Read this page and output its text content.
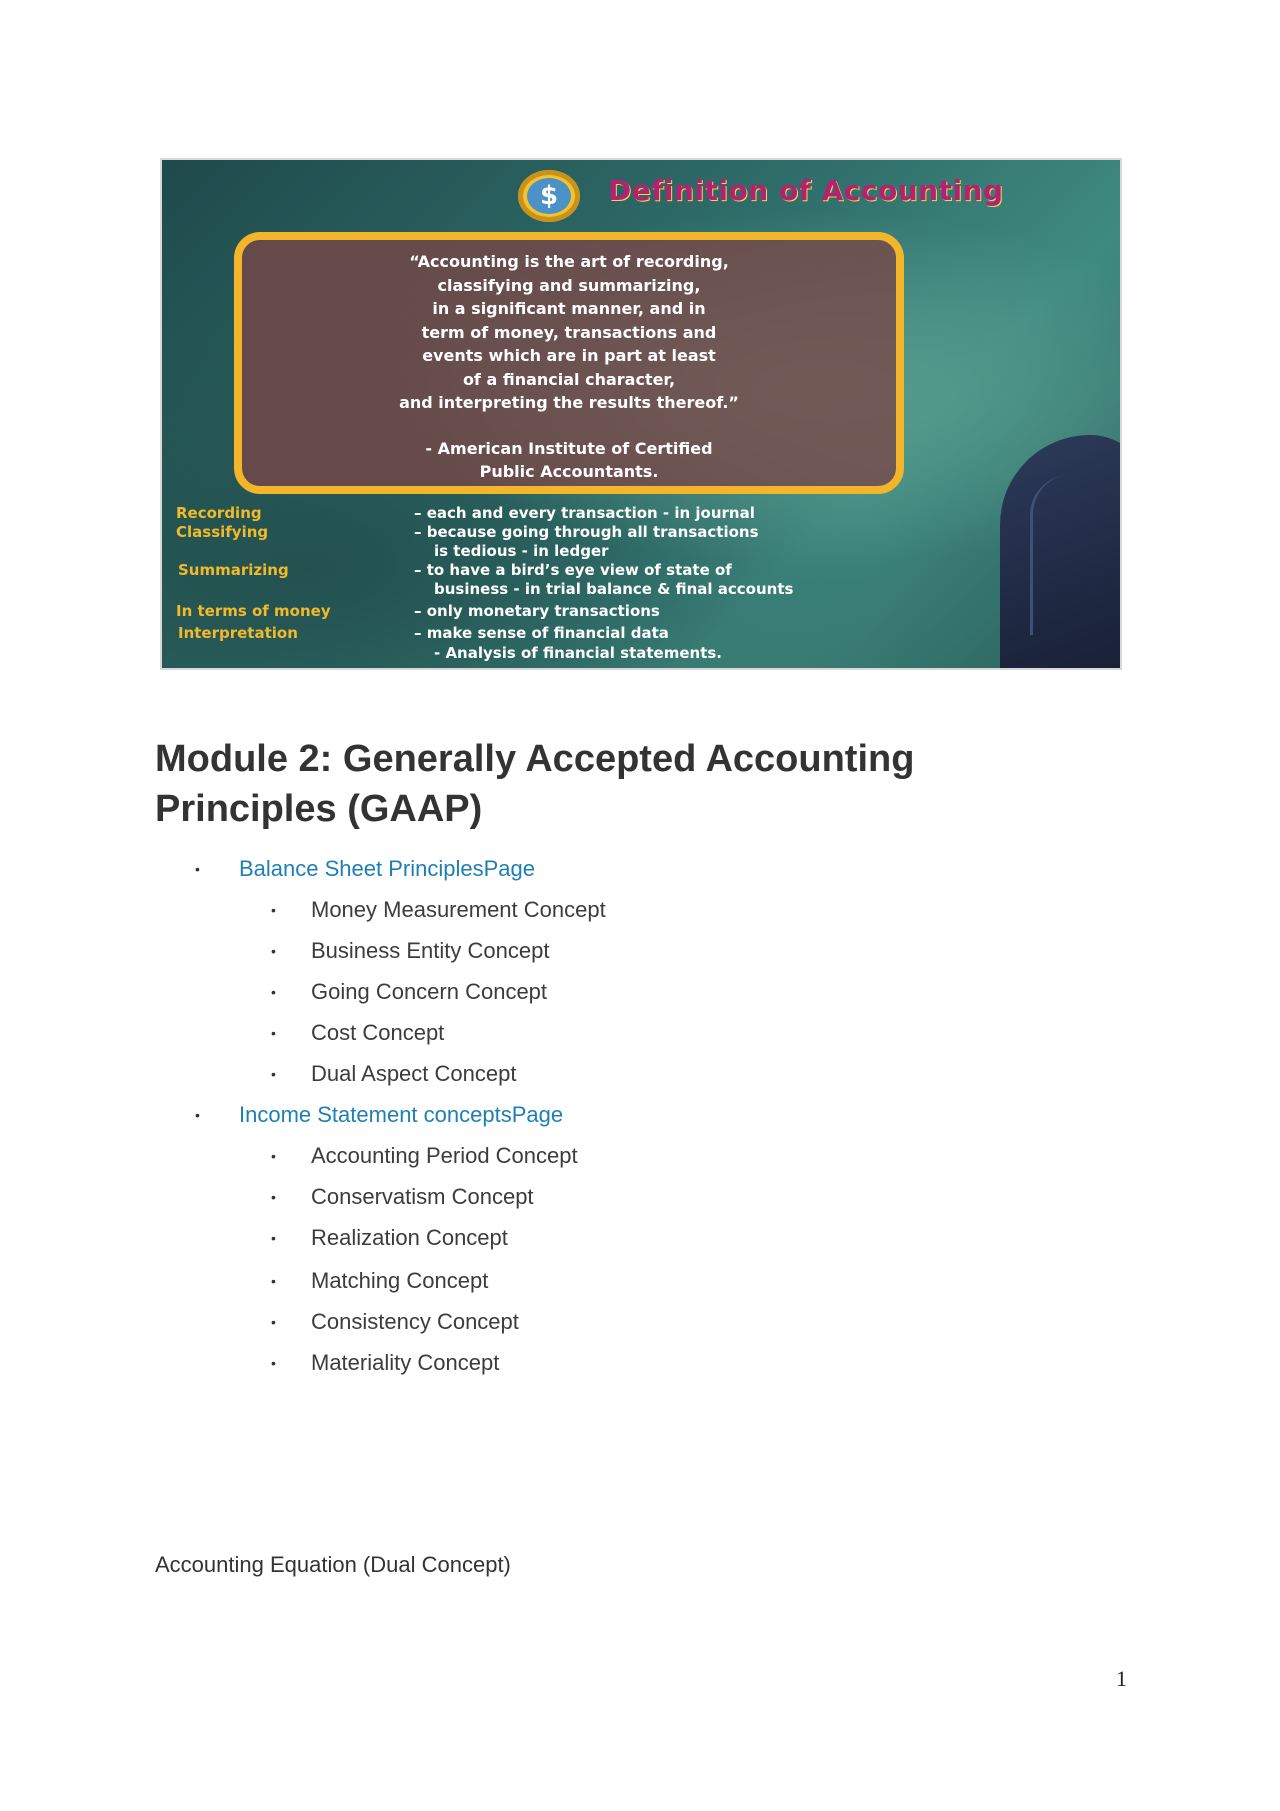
$	Definition of Accounting
“Accounting is the art of recording,
classifying and summarizing,
in a significant manner, and in
term of money, transactions and
events which are in part at least
of a financial character,
and interpreting the results thereof.”
- American Institute of Certified
Public Accountants.
Recording	– each and every transaction - in journal
Classifying	– because going through all transactions
is tedious - in ledger
Summarizing	– to have a bird’s eye view of state of
business - in trial balance & final accounts
In terms of money	– only monetary transactions
Interpretation	– make sense of financial data
- Analysis of financial statements.
Module 2: Generally Accepted Accounting Principles (GAAP)
• Balance Sheet PrinciplesPage
• Money Measurement Concept
• Business Entity Concept
• Going Concern Concept
• Cost Concept
• Dual Aspect Concept
• Income Statement conceptsPage
• Accounting Period Concept
• Conservatism Concept
• Realization Concept
• Matching Concept
• Consistency Concept
• Materiality Concept
Accounting Equation (Dual Concept)
1
